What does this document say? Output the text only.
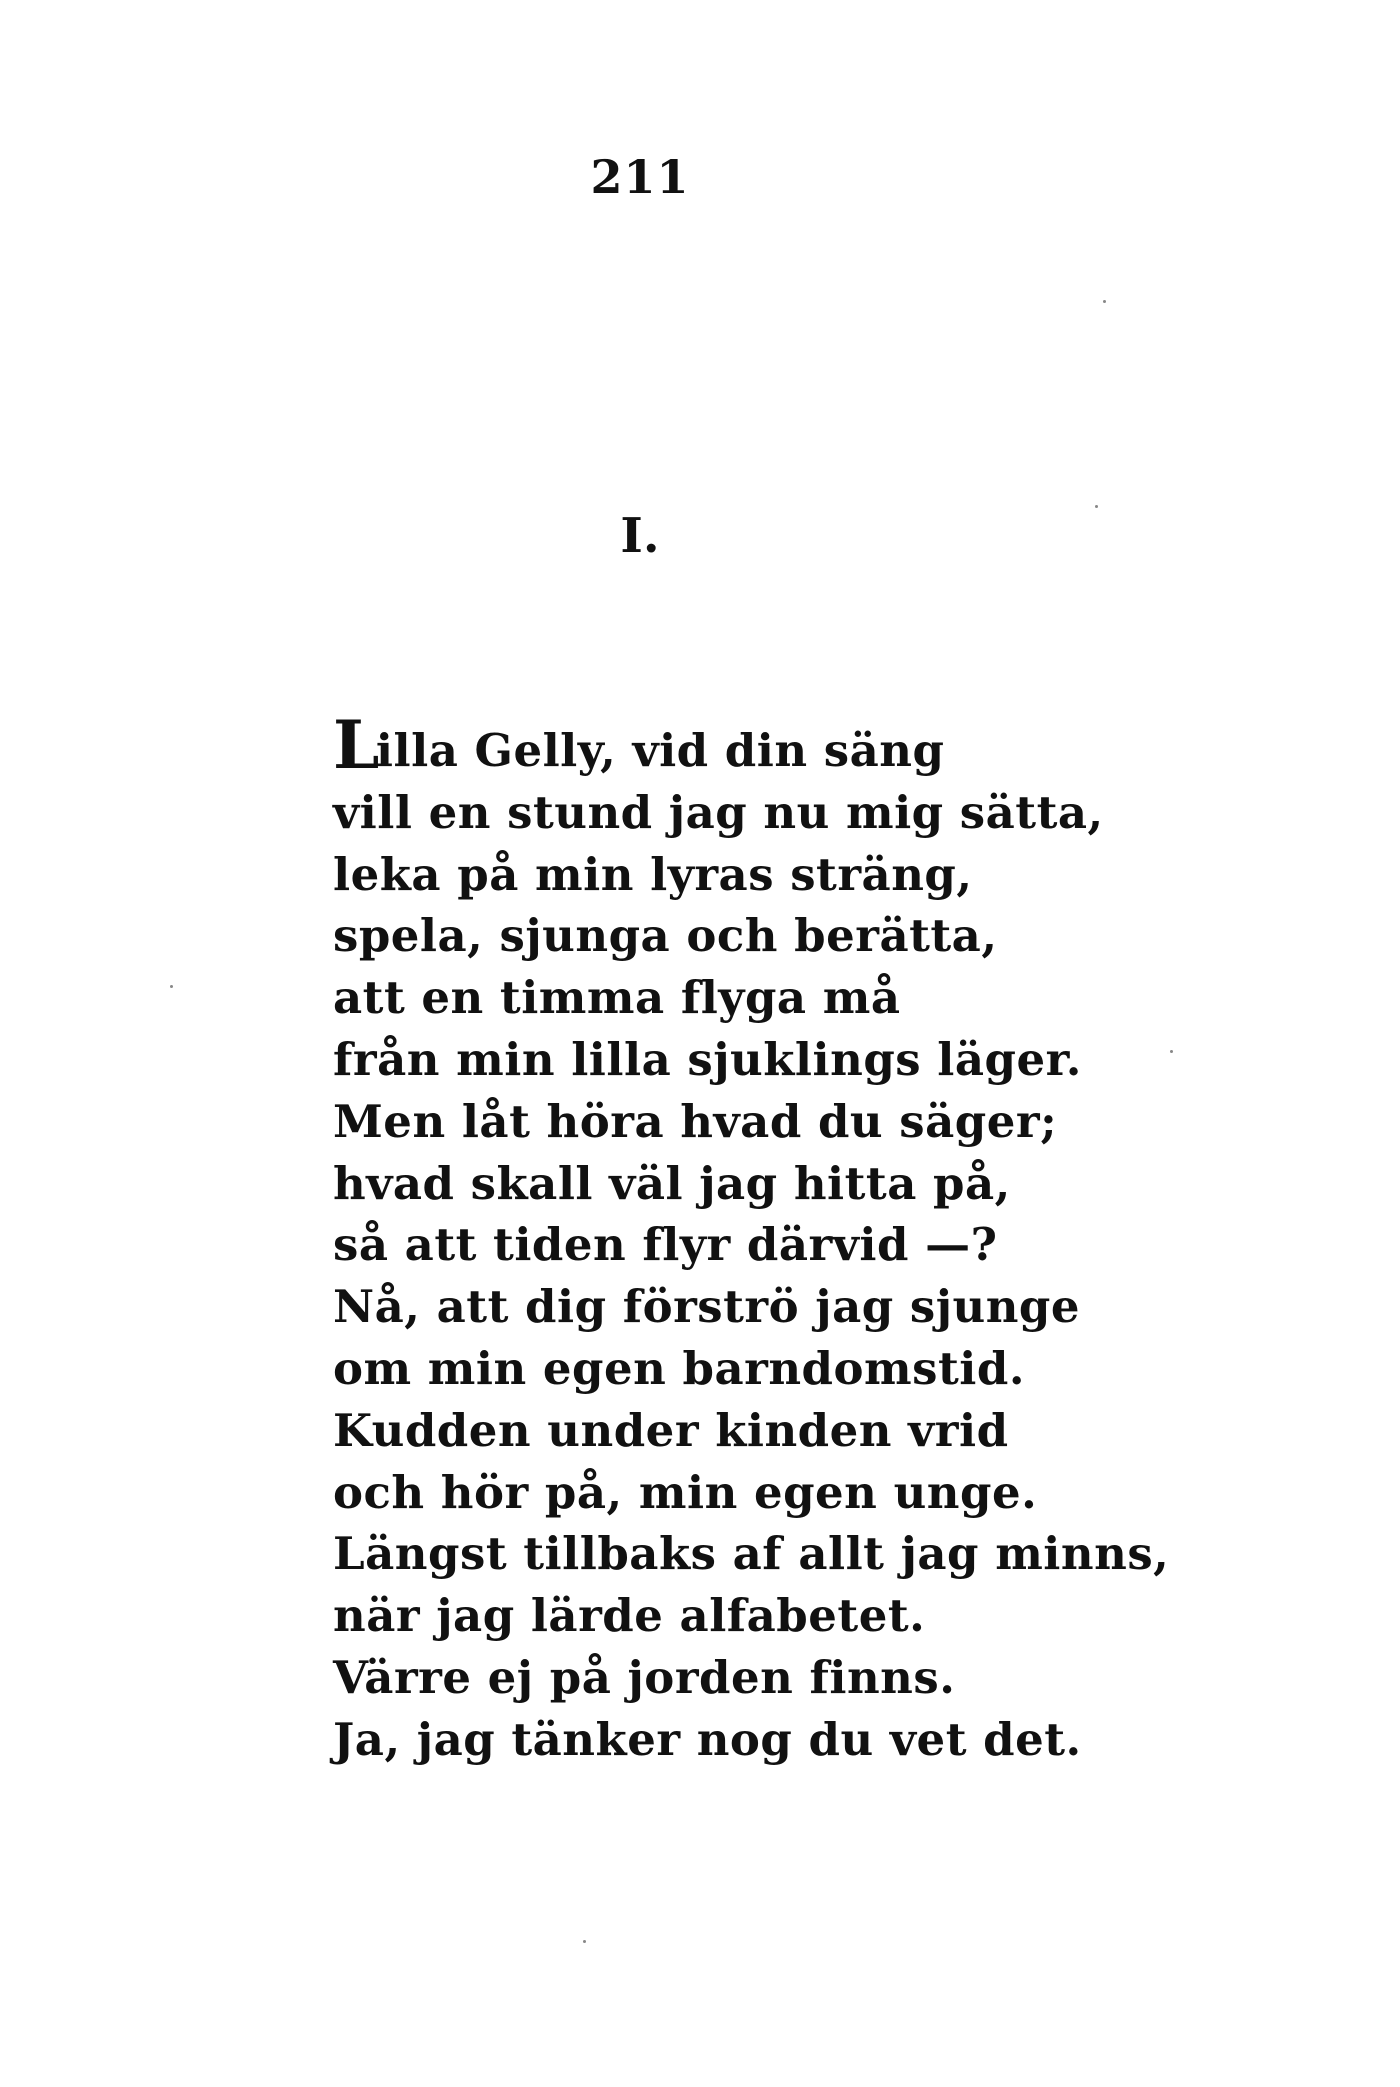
211
I.
Lilla Gelly, vid din säng
vill en stund jag nu mig sätta,
leka på min lyras sträng,
spela, sjunga och berätta,
att en timma flyga må
från min lilla sjuklings läger.
Men låt höra hvad du säger;
hvad skall väl jag hitta på,
så att tiden flyr därvid —?
Nå, att dig förströ jag sjunge
om min egen barndomstid.
Kudden under kinden vrid
och hör på, min egen unge.
Längst tillbaks af allt jag minns,
när jag lärde alfabetet.
Värre ej på jorden finns.
Ja, jag tänker nog du vet det.
